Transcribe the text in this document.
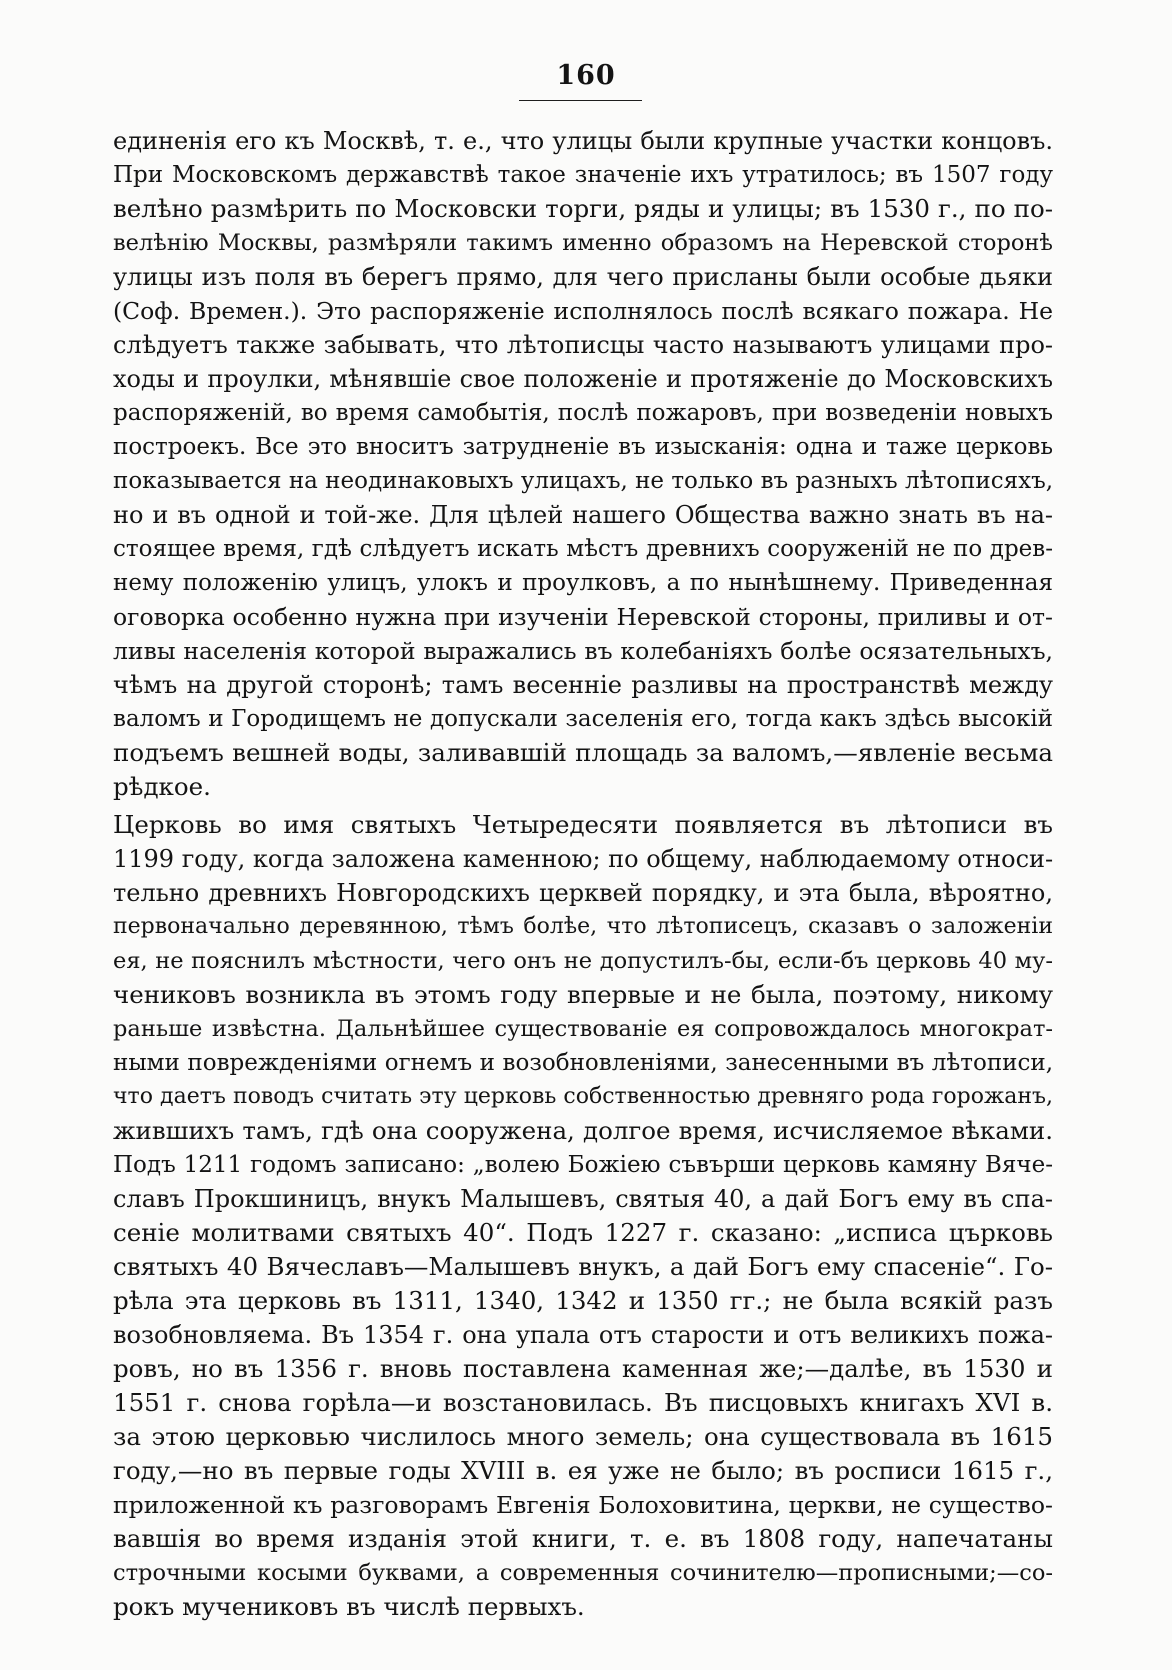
160
единенія его къ Москвѣ, т. е., что улицы были крупные участки концовъ.
При Московскомъ державствѣ такое значеніе ихъ утратилось; въ 1507 году
велѣно размѣрить по Московски торги, ряды и улицы; въ 1530 г., по по-
велѣнію Москвы, размѣряли такимъ именно образомъ на Неревской сторонѣ
улицы изъ поля въ берегъ прямо, для чего присланы были особые дьяки
(Соф. Времен.). Это распоряженіе исполнялось послѣ всякаго пожара. Не
слѣдуетъ также забывать, что лѣтописцы часто называютъ улицами про-
ходы и проулки, мѣнявшіе свое положеніе и протяженіе до Московскихъ
распоряженій, во время самобытія, послѣ пожаровъ, при возведеніи новыхъ
построекъ. Все это вноситъ затрудненіе въ изысканія: одна и таже церковь
показывается на неодинаковыхъ улицахъ, не только въ разныхъ лѣтописяхъ,
но и въ одной и той-же. Для цѣлей нашего Общества важно знать въ на-
стоящее время, гдѣ слѣдуетъ искать мѣстъ древнихъ сооруженій не по древ-
нему положенію улицъ, улокъ и проулковъ, а по нынѣшнему. Приведенная
оговорка особенно нужна при изученіи Неревской стороны, приливы и от-
ливы населенія которой выражались въ колебаніяхъ болѣе осязательныхъ,
чѣмъ на другой сторонѣ; тамъ весенніе разливы на пространствѣ между
валомъ и Городищемъ не допускали заселенія его, тогда какъ здѣсь высокій
подъемъ вешней воды, заливавшій площадь за валомъ,—явленіе весьма
рѣдкое.
Церковь во имя святыхъ Четыредесяти появляется въ лѣтописи въ
1199 году, когда заложена каменною; по общему, наблюдаемому относи-
тельно древнихъ Новгородскихъ церквей порядку, и эта была, вѣроятно,
первоначально деревянною, тѣмъ болѣе, что лѣтописецъ, сказавъ о заложеніи
ея, не пояснилъ мѣстности, чего онъ не допустилъ-бы, если-бъ церковь 40 му-
чениковъ возникла въ этомъ году впервые и не была, поэтому, никому
раньше извѣстна. Дальнѣйшее существованіе ея сопровождалось многократ-
ными поврежденіями огнемъ и возобновленіями, занесенными въ лѣтописи,
что даетъ поводъ считать эту церковь собственностью древняго рода горожанъ,
жившихъ тамъ, гдѣ она сооружена, долгое время, исчисляемое вѣками.
Подъ 1211 годомъ записано: „волею Божіею съвърши церковь камяну Вяче-
славъ Прокшиницъ, внукъ Малышевъ, святыя 40, а дай Богъ ему въ спа-
сеніе молитвами святыхъ 40“. Подъ 1227 г. сказано: „исписа църковь
святыхъ 40 Вячеславъ—Малышевъ внукъ, а дай Богъ ему спасеніе“. Го-
рѣла эта церковь въ 1311, 1340, 1342 и 1350 гг.; не была всякій разъ
возобновляема. Въ 1354 г. она упала отъ старости и отъ великихъ пожа-
ровъ, но въ 1356 г. вновь поставлена каменная же;—далѣе, въ 1530 и
1551 г. снова горѣла—и возстановилась. Въ писцовыхъ книгахъ XVI в.
за этою церковью числилось много земель; она существовала въ 1615
году,—но въ первые годы XVIII в. ея уже не было; въ росписи 1615 г.,
приложенной къ разговорамъ Евгенія Болоховитина, церкви, не существо-
вавшія во время изданія этой книги, т. е. въ 1808 году, напечатаны
строчными косыми буквами, а современныя сочинителю—прописными;—со-
рокъ мучениковъ въ числѣ первыхъ.
